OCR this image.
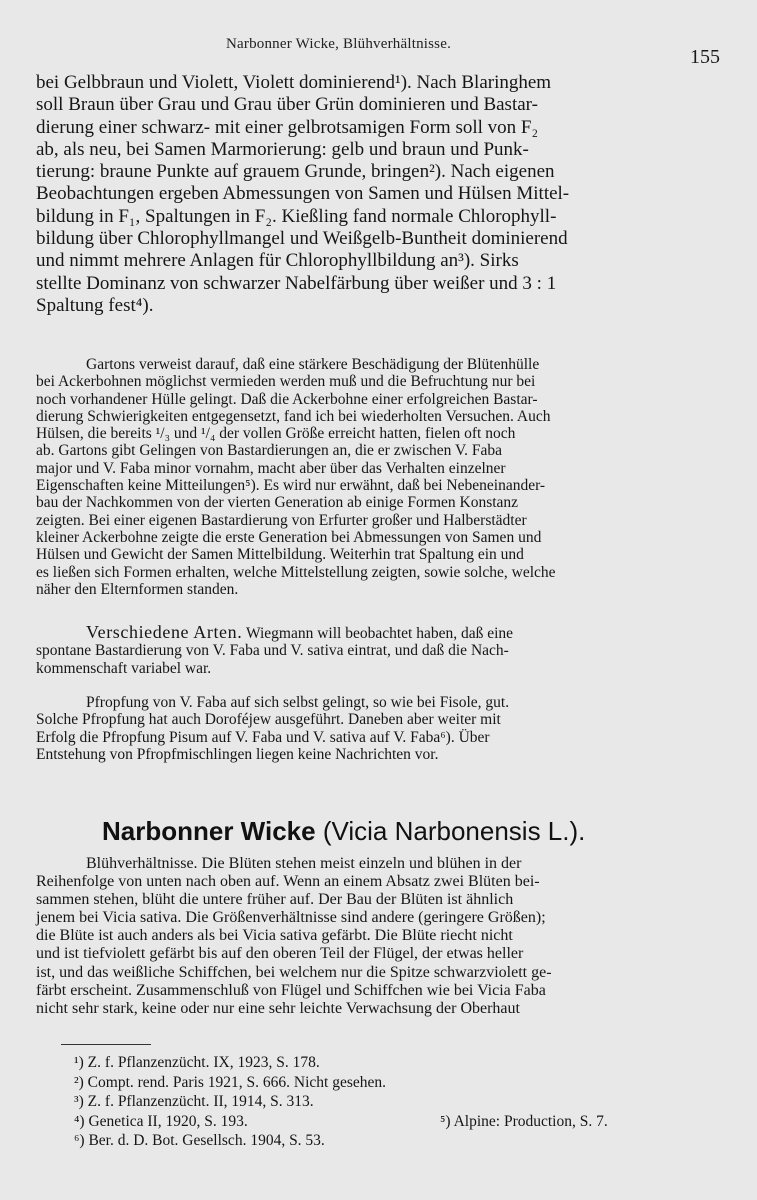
Narbonner Wicke, Blühverhältnisse.
155
bei Gelbbraun und Violett, Violett dominierend¹). Nach Blaringhem
soll Braun über Grau und Grau über Grün dominieren und Bastar-
dierung einer schwarz- mit einer gelbrotsamigen Form soll von F₂
ab, als neu, bei Samen Marmorierung: gelb und braun und Punk-
tierung: braune Punkte auf grauem Grunde, bringen²). Nach eigenen
Beobachtungen ergeben Abmessungen von Samen und Hülsen Mittel-
bildung in F₁, Spaltungen in F₂. Kießling fand normale Chlorophyll-
bildung über Chlorophyllmangel und Weißgelb-Buntheit dominierend
und nimmt mehrere Anlagen für Chlorophyllbildung an³). Sirks
stellte Dominanz von schwarzer Nabelfärbung über weißer und 3 : 1
Spaltung fest⁴).
Gartons verweist darauf, daß eine stärkere Beschädigung der Blütenhülle
bei Ackerbohnen möglichst vermieden werden muß und die Befruchtung nur bei
noch vorhandener Hülle gelingt. Daß die Ackerbohne einer erfolgreichen Bastar-
dierung Schwierigkeiten entgegensetzt, fand ich bei wiederholten Versuchen. Auch
Hülsen, die bereits ¹/₃ und ¹/₄ der vollen Größe erreicht hatten, fielen oft noch
ab. Gartons gibt Gelingen von Bastardierungen an, die er zwischen V. Faba
major und V. Faba minor vornahm, macht aber über das Verhalten einzelner
Eigenschaften keine Mitteilungen⁵). Es wird nur erwähnt, daß bei Nebeneinander-
bau der Nachkommen von der vierten Generation ab einige Formen Konstanz
zeigten. Bei einer eigenen Bastardierung von Erfurter großer und Halberstädter
kleiner Ackerbohne zeigte die erste Generation bei Abmessungen von Samen und
Hülsen und Gewicht der Samen Mittelbildung. Weiterhin trat Spaltung ein und
es ließen sich Formen erhalten, welche Mittelstellung zeigten, sowie solche, welche
näher den Elternformen standen.
Verschiedene Arten. Wiegmann will beobachtet haben, daß eine
spontane Bastardierung von V. Faba und V. sativa eintrat, und daß die Nach-
kommenschaft variabel war.
Pfropfung von V. Faba auf sich selbst gelingt, so wie bei Fisole, gut.
Solche Pfropfung hat auch Doroféjew ausgeführt. Daneben aber weiter mit
Erfolg die Pfropfung Pisum auf V. Faba und V. sativa auf V. Faba⁶). Über
Entstehung von Pfropfmischlingen liegen keine Nachrichten vor.
Narbonner Wicke (Vicia Narbonensis L.).
Blühverhältnisse. Die Blüten stehen meist einzeln und blühen in der
Reihenfolge von unten nach oben auf. Wenn an einem Absatz zwei Blüten bei-
sammen stehen, blüht die untere früher auf. Der Bau der Blüten ist ähnlich
jenem bei Vicia sativa. Die Größenverhältnisse sind andere (geringere Größen);
die Blüte ist auch anders als bei Vicia sativa gefärbt. Die Blüte riecht nicht
und ist tiefviolett gefärbt bis auf den oberen Teil der Flügel, der etwas heller
ist, und das weißliche Schiffchen, bei welchem nur die Spitze schwarzviolett ge-
färbt erscheint. Zusammenschluß von Flügel und Schiffchen wie bei Vicia Faba
nicht sehr stark, keine oder nur eine sehr leichte Verwachsung der Oberhaut
¹) Z. f. Pflanzenzücht. IX, 1923, S. 178.
²) Compt. rend. Paris 1921, S. 666. Nicht gesehen.
³) Z. f. Pflanzenzücht. II, 1914, S. 313.
⁴) Genetica II, 1920, S. 193.	⁵) Alpine: Production, S. 7.
⁶) Ber. d. D. Bot. Gesellsch. 1904, S. 53.
